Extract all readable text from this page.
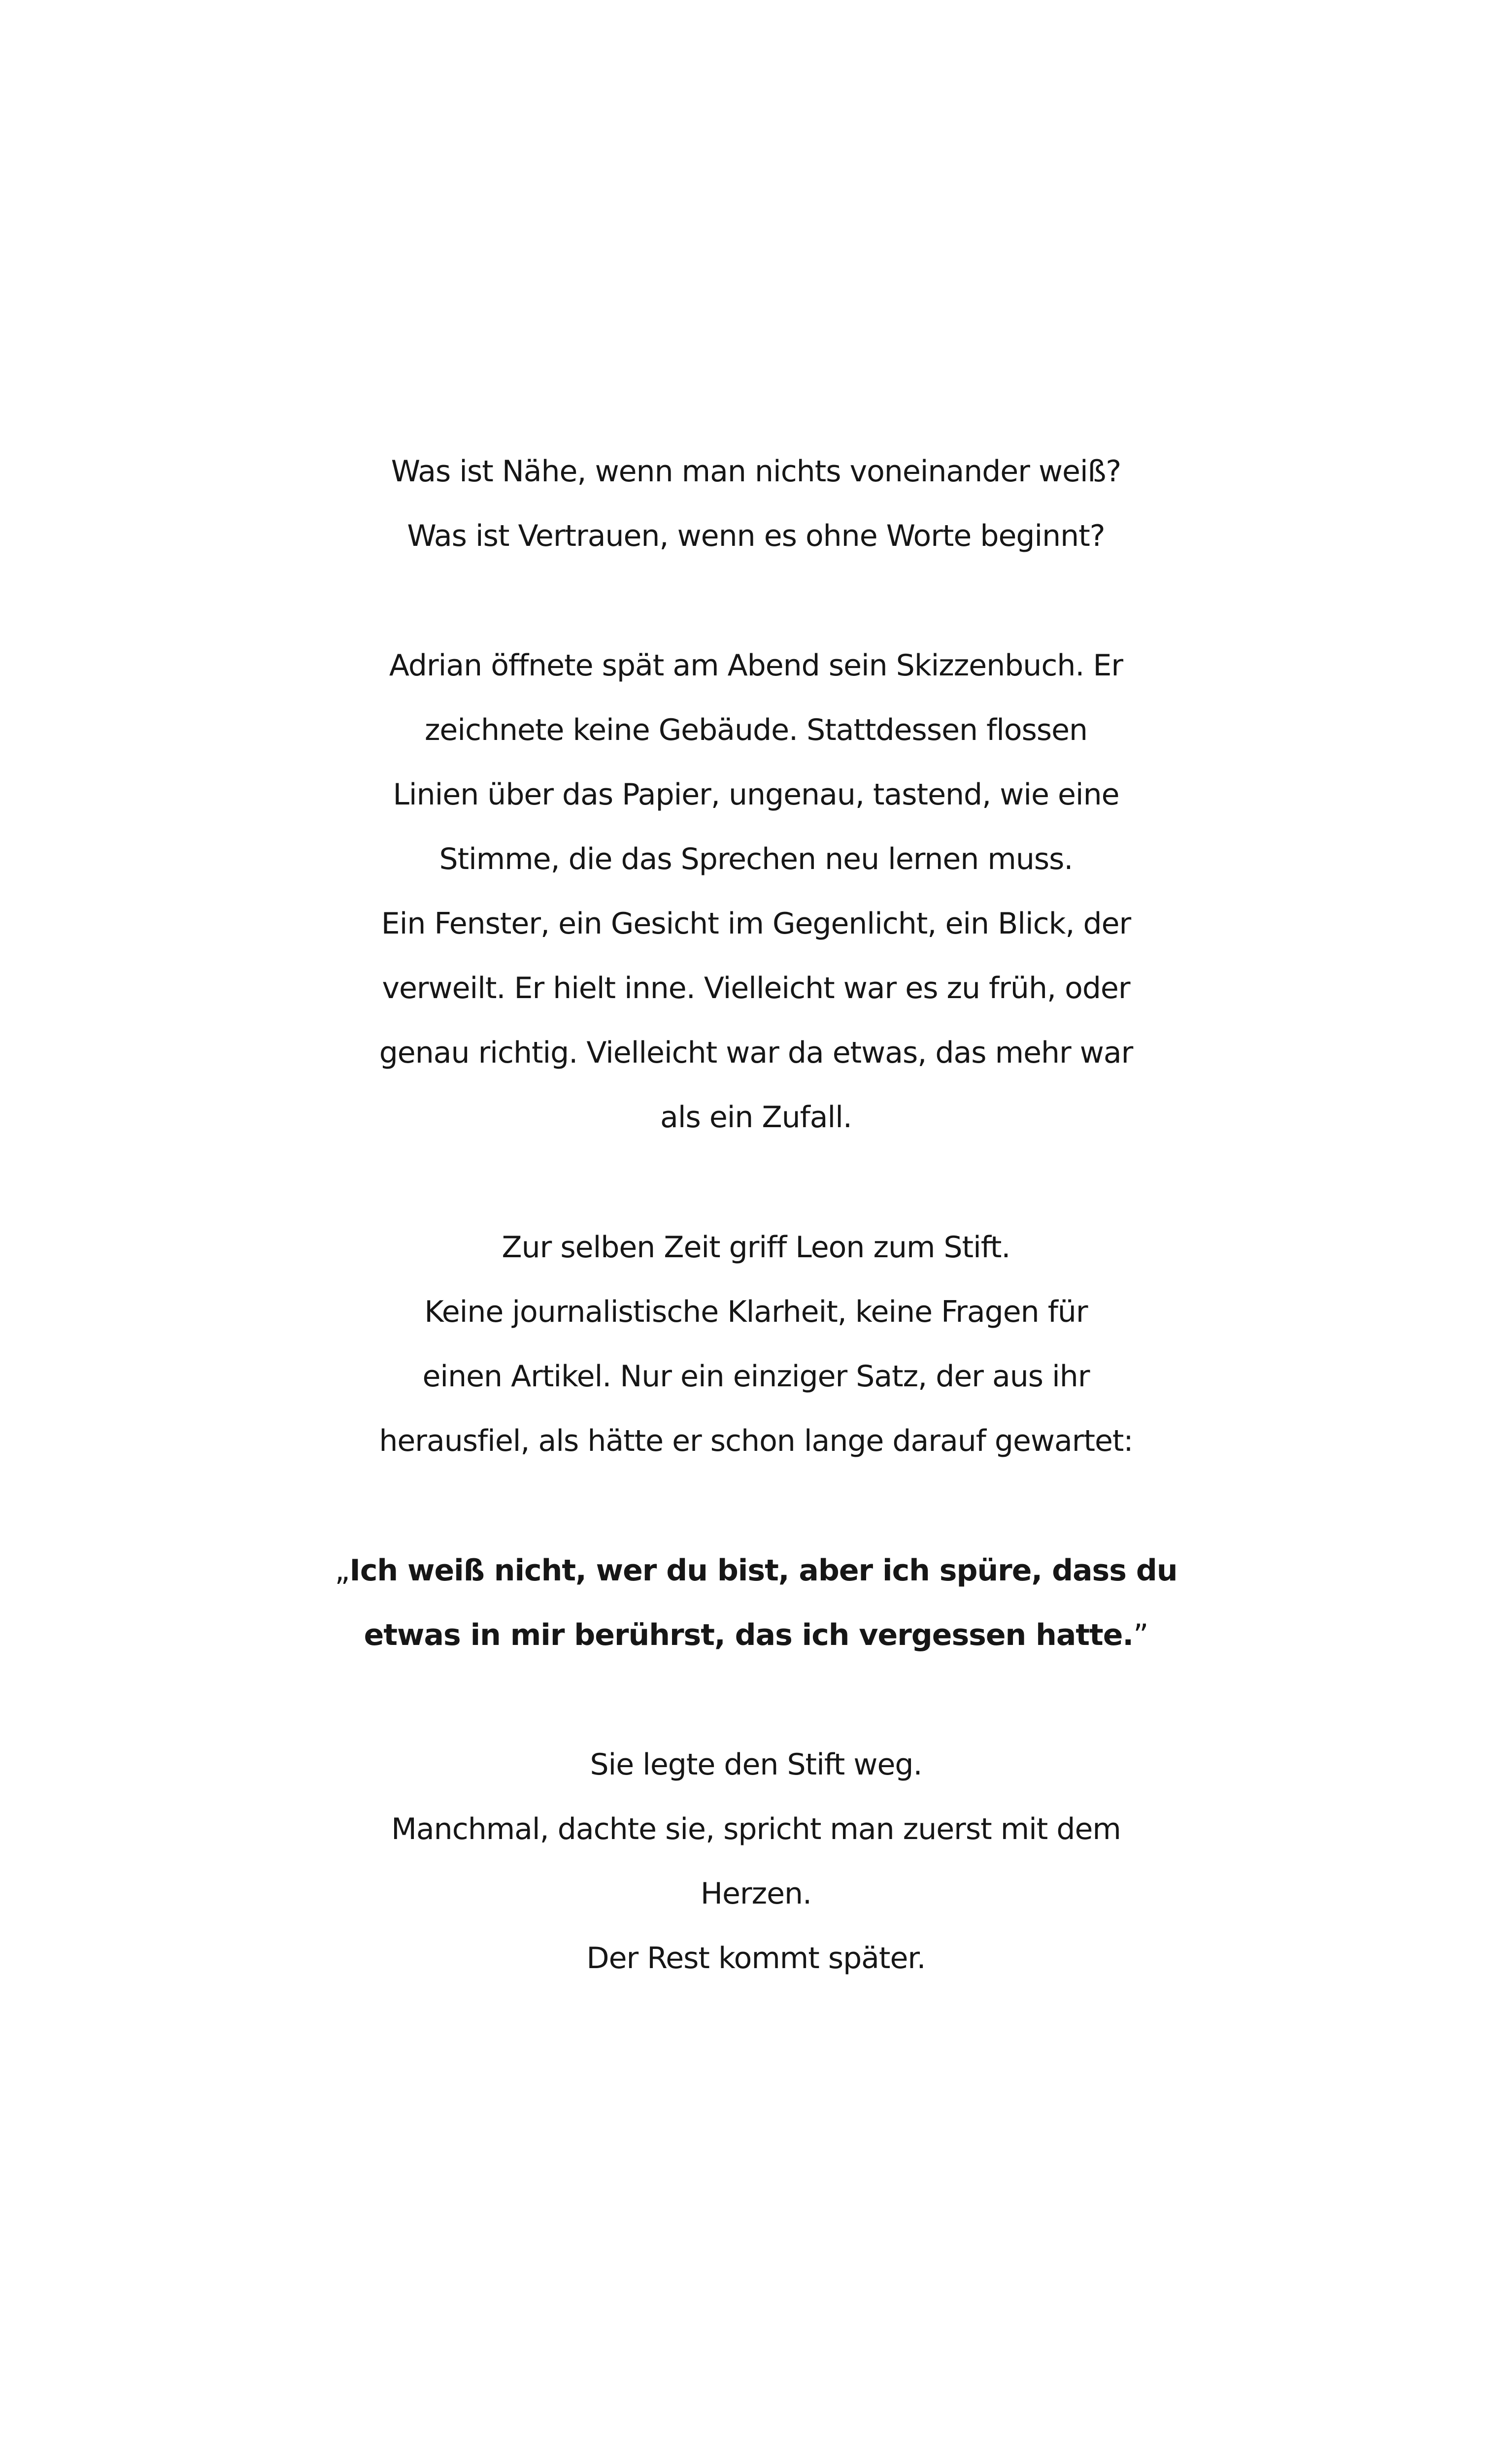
Was ist Nähe, wenn man nichts voneinander weiß?
Was ist Vertrauen, wenn es ohne Worte beginnt?
Adrian öffnete spät am Abend sein Skizzenbuch. Er
zeichnete keine Gebäude. Stattdessen flossen
Linien über das Papier, ungenau, tastend, wie eine
Stimme, die das Sprechen neu lernen muss.
Ein Fenster, ein Gesicht im Gegenlicht, ein Blick, der
verweilt. Er hielt inne. Vielleicht war es zu früh, oder
genau richtig. Vielleicht war da etwas, das mehr war
als ein Zufall.
Zur selben Zeit griff Leon zum Stift.
Keine journalistische Klarheit, keine Fragen für
einen Artikel. Nur ein einziger Satz, der aus ihr
herausfiel, als hätte er schon lange darauf gewartet:
„Ich weiß nicht, wer du bist, aber ich spüre, dass du
etwas in mir berührst, das ich vergessen hatte.”
Sie legte den Stift weg.
Manchmal, dachte sie, spricht man zuerst mit dem
Herzen.
Der Rest kommt später.
